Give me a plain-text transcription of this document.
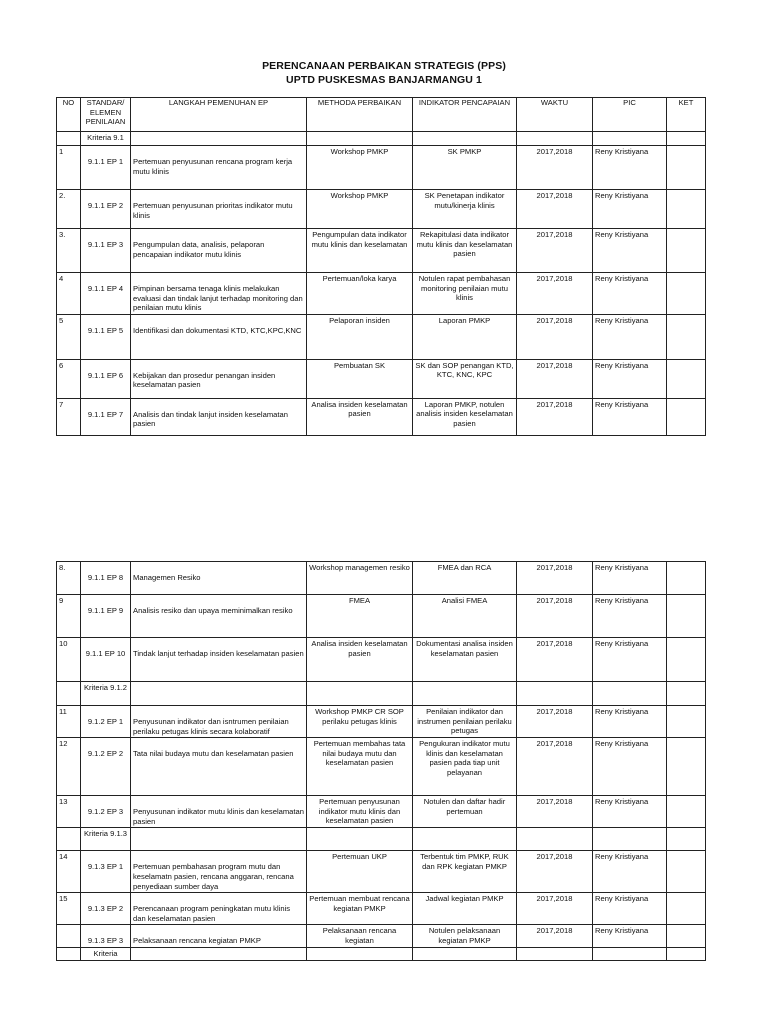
PERENCANAAN PERBAIKAN STRATEGIS (PPS)
UPTD PUSKESMAS BANJARMANGU 1
NO	STANDAR/ ELEMEN PENILAIAN	LANGKAH PEMENUHAN EP	METHODA PERBAIKAN	INDIKATOR PENCAPAIAN	WAKTU	PIC	KET
	Kriteria 9.1						
1	9.1.1 EP 1	Pertemuan penyusunan rencana program kerja mutu klinis	Workshop PMKP	SK PMKP	2017,2018	Reny Kristiyana	
2.	9.1.1 EP 2	Pertemuan penyusunan prioritas indikator mutu klinis	Workshop PMKP	SK Penetapan indikator mutu/kinerja klinis	2017,2018	Reny Kristiyana	
3.	9.1.1 EP 3	Pengumpulan data, analisis, pelaporan pencapaian indikator mutu klinis	Pengumpulan data indikator mutu klinis dan keselamatan	Rekapitulasi data indikator mutu klinis dan keselamatan pasien	2017,2018	Reny Kristiyana	
4	9.1.1 EP 4	Pimpinan bersama tenaga klinis melakukan evaluasi dan tindak lanjut terhadap monitoring dan penilaian mutu klinis	Pertemuan/loka karya	Notulen rapat pembahasan monitoring penilaian mutu klinis	2017,2018	Reny Kristiyana	
5	9.1.1 EP 5	Identifikasi dan dokumentasi KTD, KTC,KPC,KNC	Pelaporan insiden	Laporan PMKP	2017,2018	Reny Kristiyana	
6	9.1.1 EP 6	Kebijakan dan prosedur penangan insiden keselamatan pasien	Pembuatan SK	SK dan SOP penangan KTD, KTC, KNC, KPC	2017,2018	Reny Kristiyana	
7	9.1.1 EP 7	Analisis dan tindak lanjut insiden keselamatan pasien	Analisa insiden keselamatan pasien	Laporan PMKP, notulen analisis insiden keselamatan pasien	2017,2018	Reny Kristiyana	
8.	9.1.1 EP 8	Managemen Resiko	Workshop managemen resiko	FMEA dan RCA	2017,2018	Reny Kristiyana	
9	9.1.1 EP 9	Analisis resiko dan upaya meminimalkan resiko	FMEA	Analisi FMEA	2017,2018	Reny Kristiyana	
10	9.1.1 EP 10	Tindak lanjut terhadap insiden keselamatan pasien	Analisa insiden keselamatan pasien	Dokumentasi analisa insiden keselamatan pasien	2017,2018	Reny Kristiyana	
	Kriteria 9.1.2						
11	9.1.2 EP 1	Penyusunan indikator dan isntrumen penilaian perilaku petugas klinis secara kolaboratif	Workshop PMKP CR SOP perilaku petugas klinis	Penilaian indikator dan instrumen penilaian perilaku petugas	2017,2018	Reny Kristiyana	
12	9.1.2 EP 2	Tata nilai budaya mutu dan keselamatan pasien	Pertemuan membahas tata nilai budaya mutu dan keselamatan pasien	Pengukuran indikator mutu klinis dan keselamatan pasien pada tiap unit pelayanan	2017,2018	Reny Kristiyana	
13	9.1.2 EP 3	Penyusunan indikator mutu klinis dan keselamatan pasien	Pertemuan penyusunan indikator mutu klinis dan keselamatan pasien	Notulen dan daftar hadir pertemuan	2017,2018	Reny Kristiyana	
	Kriteria 9.1.3						
14	9.1.3 EP 1	Pertemuan pembahasan program mutu dan keselamatn pasien, rencana anggaran, rencana penyediaan sumber daya	Pertemuan UKP	Terbentuk tim PMKP, RUK dan RPK kegiatan PMKP	2017,2018	Reny Kristiyana	
15	9.1.3 EP 2	Perencanaan program peningkatan mutu klinis dan keselamatan pasien	Pertemuan membuat rencana kegiatan PMKP	Jadwal kegiatan PMKP	2017,2018	Reny Kristiyana	
	9.1.3 EP 3	Pelaksanaan rencana kegiatan PMKP	Pelaksanaan rencana kegiatan	Notulen pelaksanaan kegiatan PMKP	2017,2018	Reny Kristiyana	
	Kriteria						
